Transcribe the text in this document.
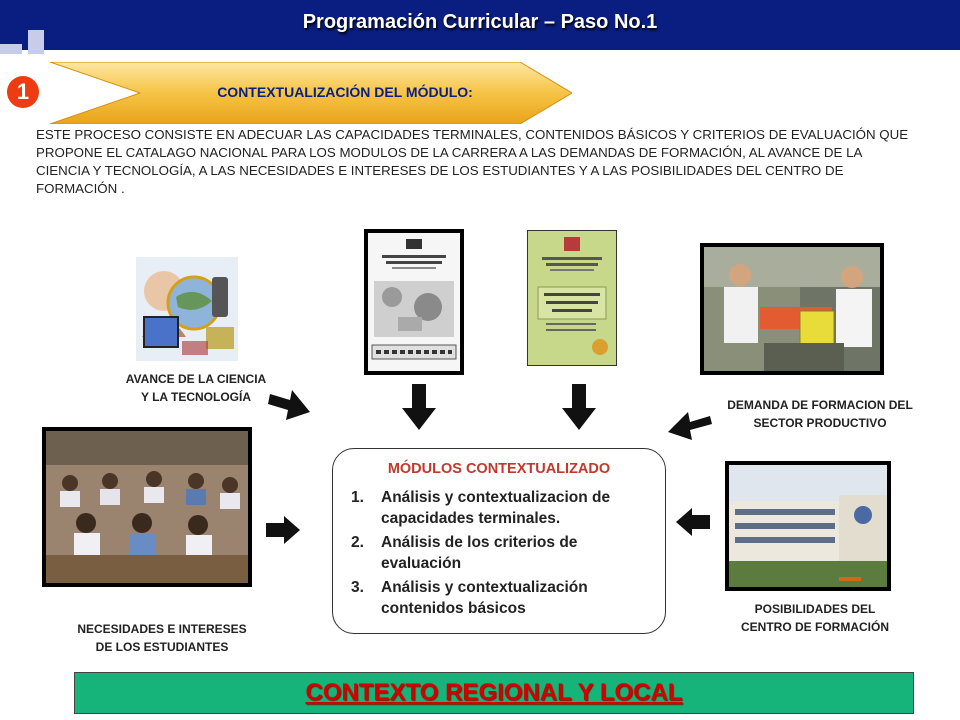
Programación Curricular – Paso No.1
1	CONTEXTUALIZACIÓN DEL MÓDULO:

ESTE PROCESO CONSISTE EN ADECUAR LAS CAPACIDADES TERMINALES, CONTENIDOS BÁSICOS Y CRITERIOS DE EVALUACIÓN QUE PROPONE EL CATALAGO NACIONAL PARA LOS MODULOS DE LA CARRERA A LAS DEMANDAS DE FORMACIÓN, AL AVANCE DE LA CIENCIA Y TECNOLOGÍA, A LAS NECESIDADES E INTERESES DE LOS ESTUDIANTES Y A LAS POSIBILIDADES DEL CENTRO DE FORMACIÓN .

AVANCE DE LA CIENCIA
Y LA TECNOLOGÍA
DEMANDA DE FORMACION DEL
SECTOR PRODUCTIVO
NECESIDADES E INTERESES
DE LOS ESTUDIANTES
POSIBILIDADES DEL
CENTRO DE FORMACIÓN
MÓDULOS CONTEXTUALIZADO
1. Análisis y contextualizacion de capacidades terminales.
2. Análisis de los criterios de evaluación
3. Análisis y contextualización contenidos básicos
CONTEXTO REGIONAL Y LOCAL
